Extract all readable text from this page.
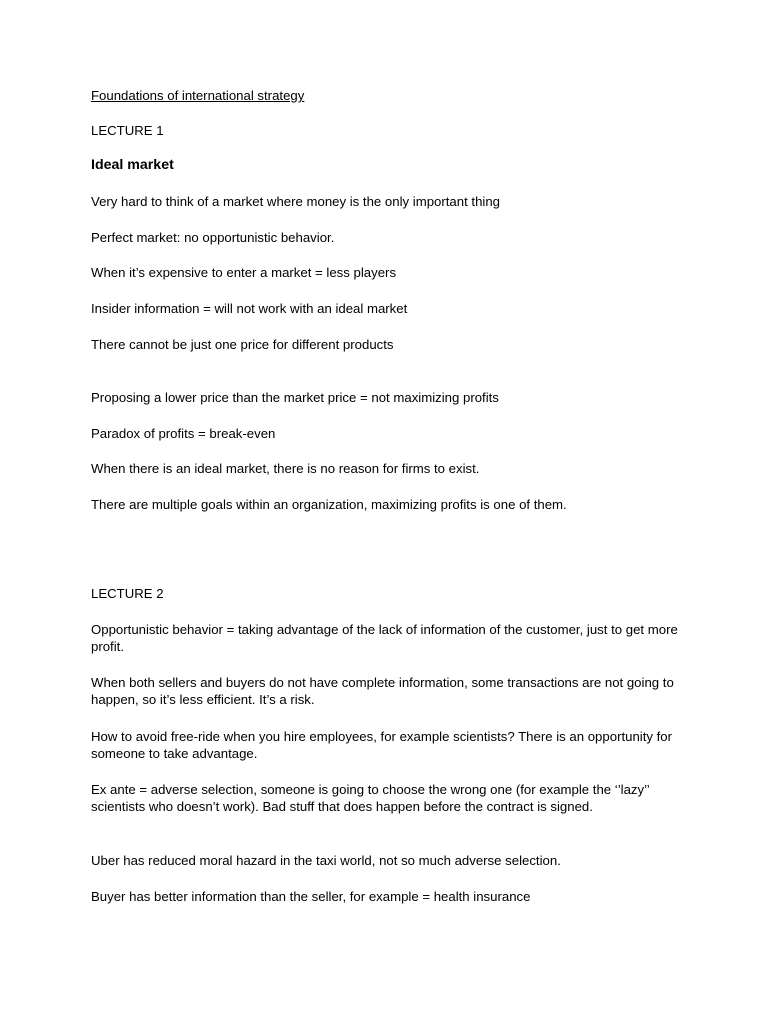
Foundations of international strategy
LECTURE 1
Ideal market
Very hard to think of a market where money is the only important thing
Perfect market: no opportunistic behavior.
When it’s expensive to enter a market = less players
Insider information = will not work with an ideal market
There cannot be just one price for different products
Proposing a lower price than the market price = not maximizing profits
Paradox of profits = break-even
When there is an ideal market, there is no reason for firms to exist.
There are multiple goals within an organization, maximizing profits is one of them.
LECTURE 2
Opportunistic behavior = taking advantage of the lack of information of the customer, just to get more profit.
When both sellers and buyers do not have complete information, some transactions are not going to happen, so it’s less efficient. It’s a risk.
How to avoid free-ride when you hire employees, for example scientists? There is an opportunity for someone to take advantage.
Ex ante = adverse selection, someone is going to choose the wrong one (for example the ‘’lazy’’ scientists who doesn’t work). Bad stuff that does happen before the contract is signed.
Uber has reduced moral hazard in the taxi world, not so much adverse selection.
Buyer has better information than the seller, for example = health insurance
